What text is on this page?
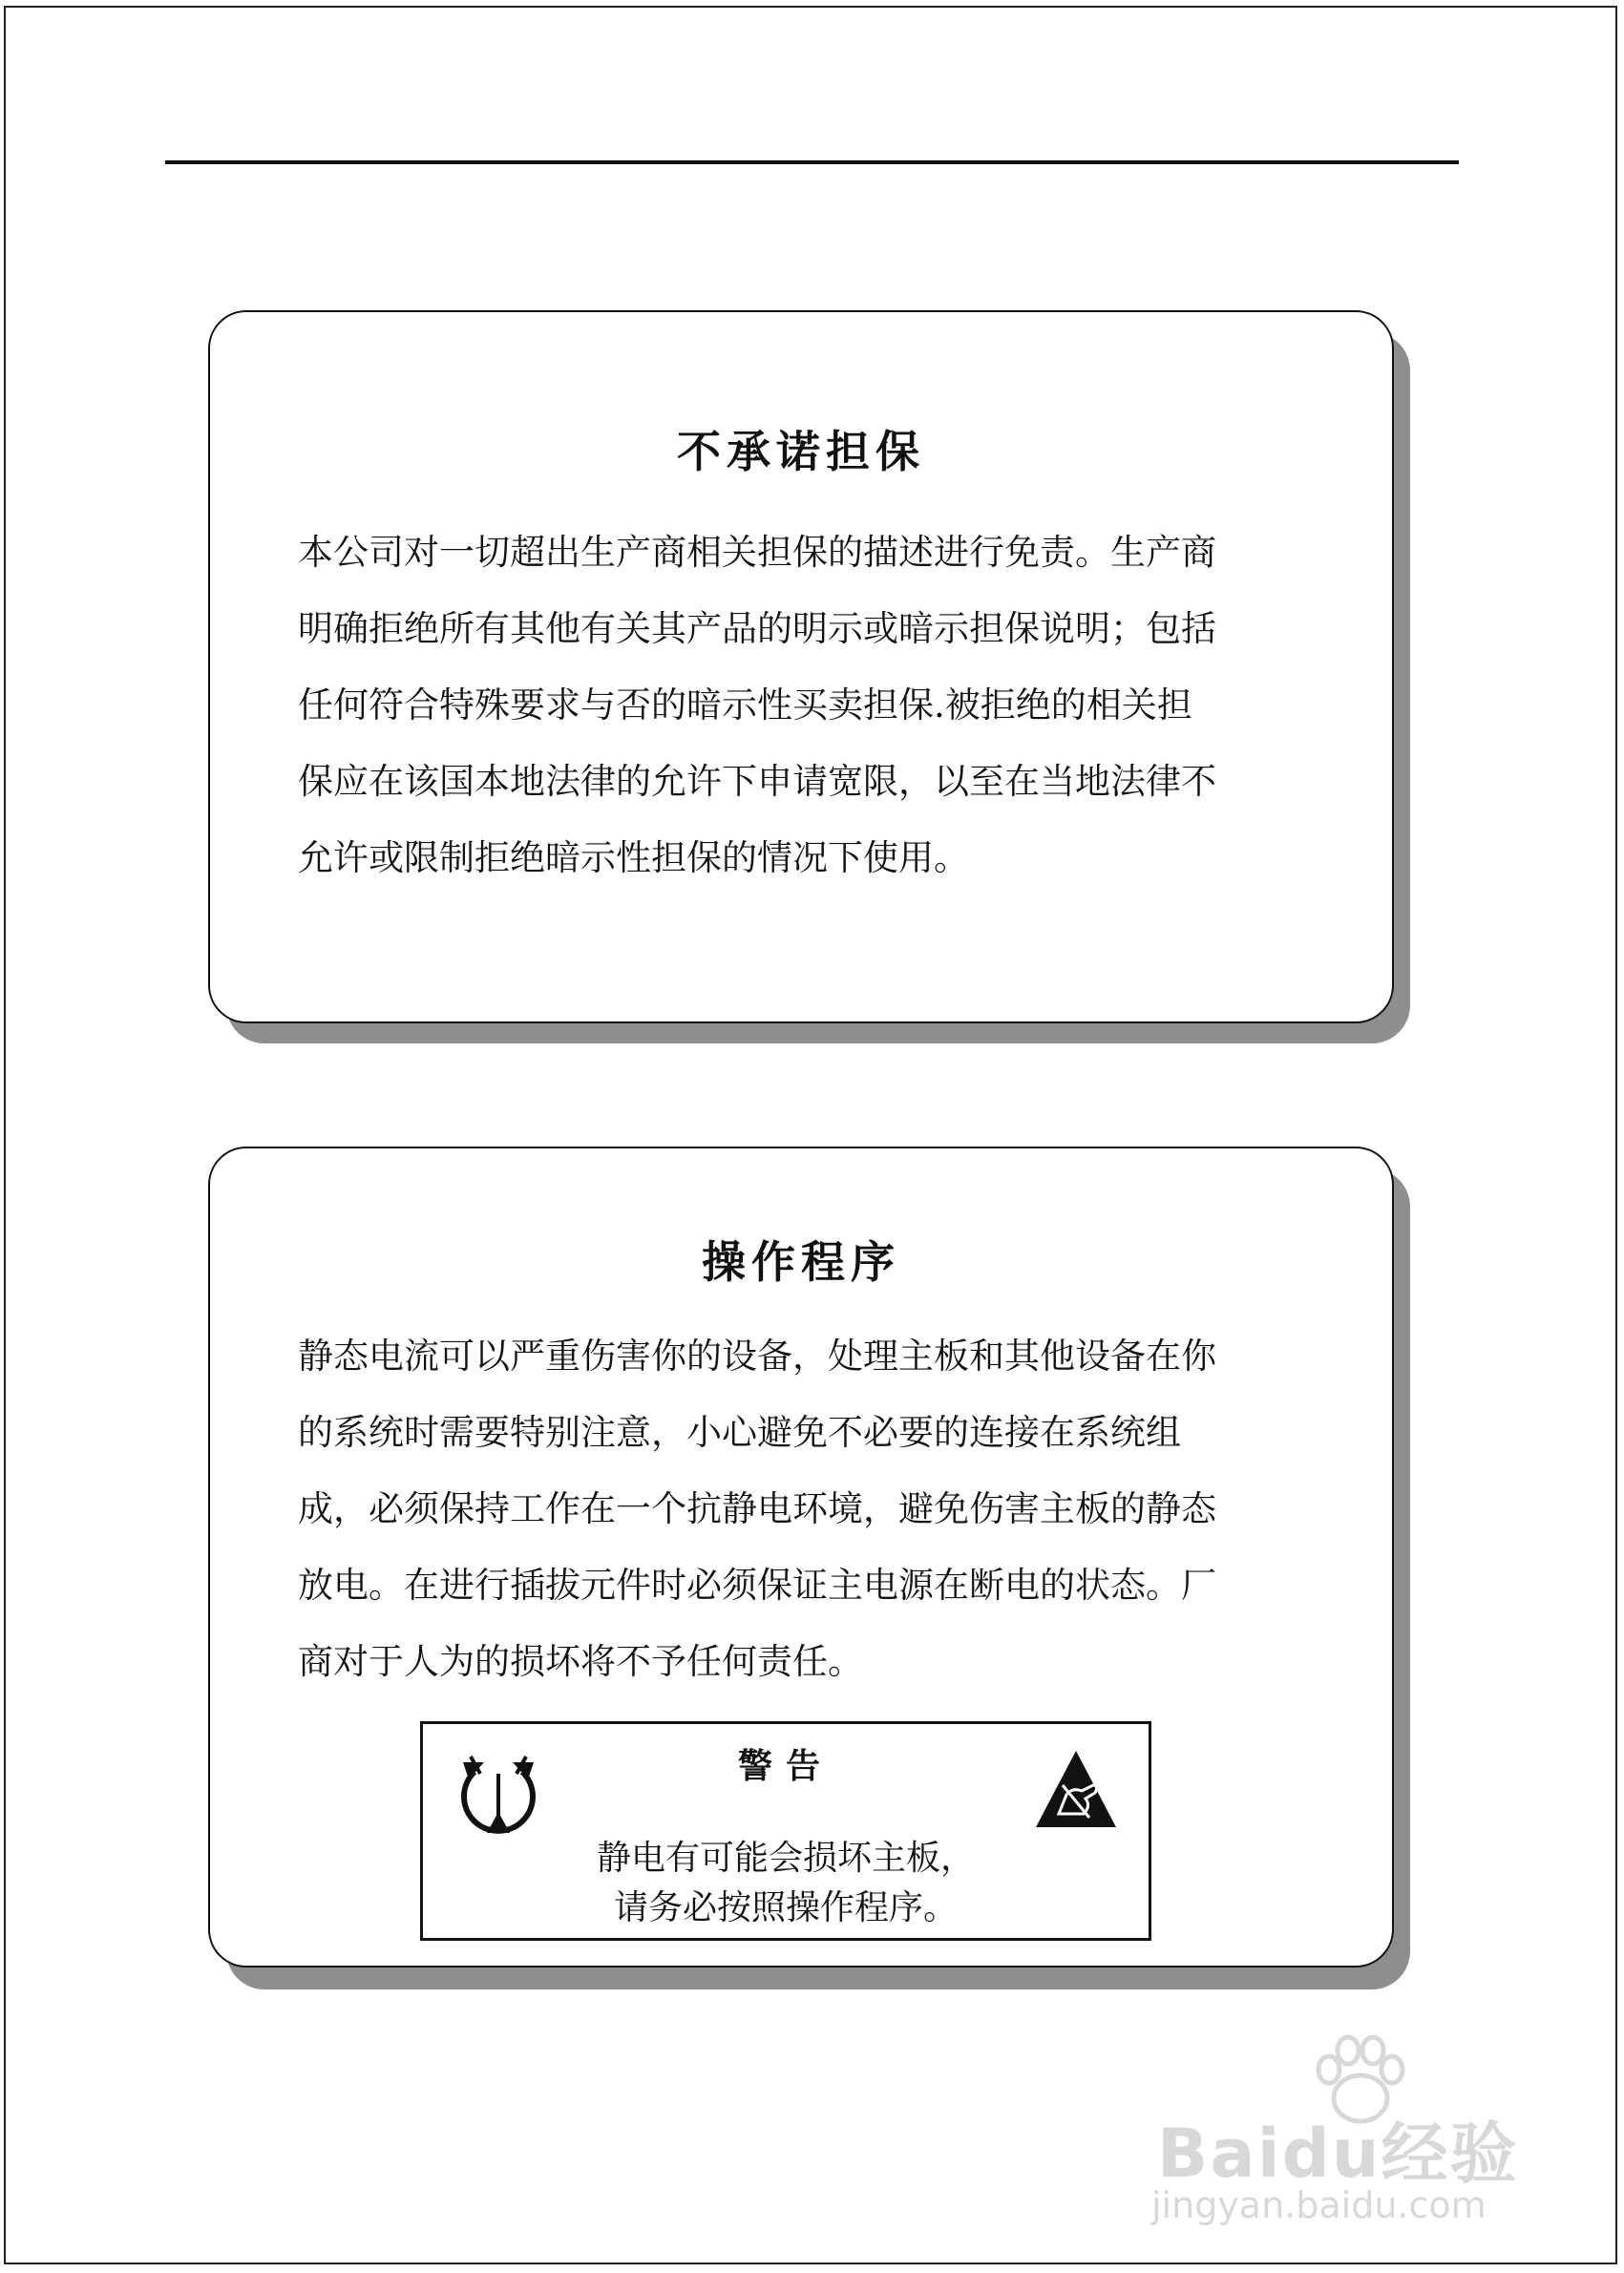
不承诺担保

本公司对一切超出生产商相关担保的描述进行免责。生产商

明确拒绝所有其他有关其产品的明示或暗示担保说明；包括

任何符合特殊要求与否的暗示性买卖担保.被拒绝的相关担

保应在该国本地法律的允许下申请宽限，以至在当地法律不

允许或限制拒绝暗示性担保的情况下使用。

操作程序

静态电流可以严重伤害你的设备，处理主板和其他设备在你

的系统时需要特别注意，小心避免不必要的连接在系统组

成，必须保持工作在一个抗静电环境，避免伤害主板的静态

放电。在进行插拔元件时必须保证主电源在断电的状态。厂

商对于人为的损坏将不予任何责任。

警告
静电有可能会损坏主板，
请务必按照操作程序。
Baidu经验
jingyan.baidu.com
